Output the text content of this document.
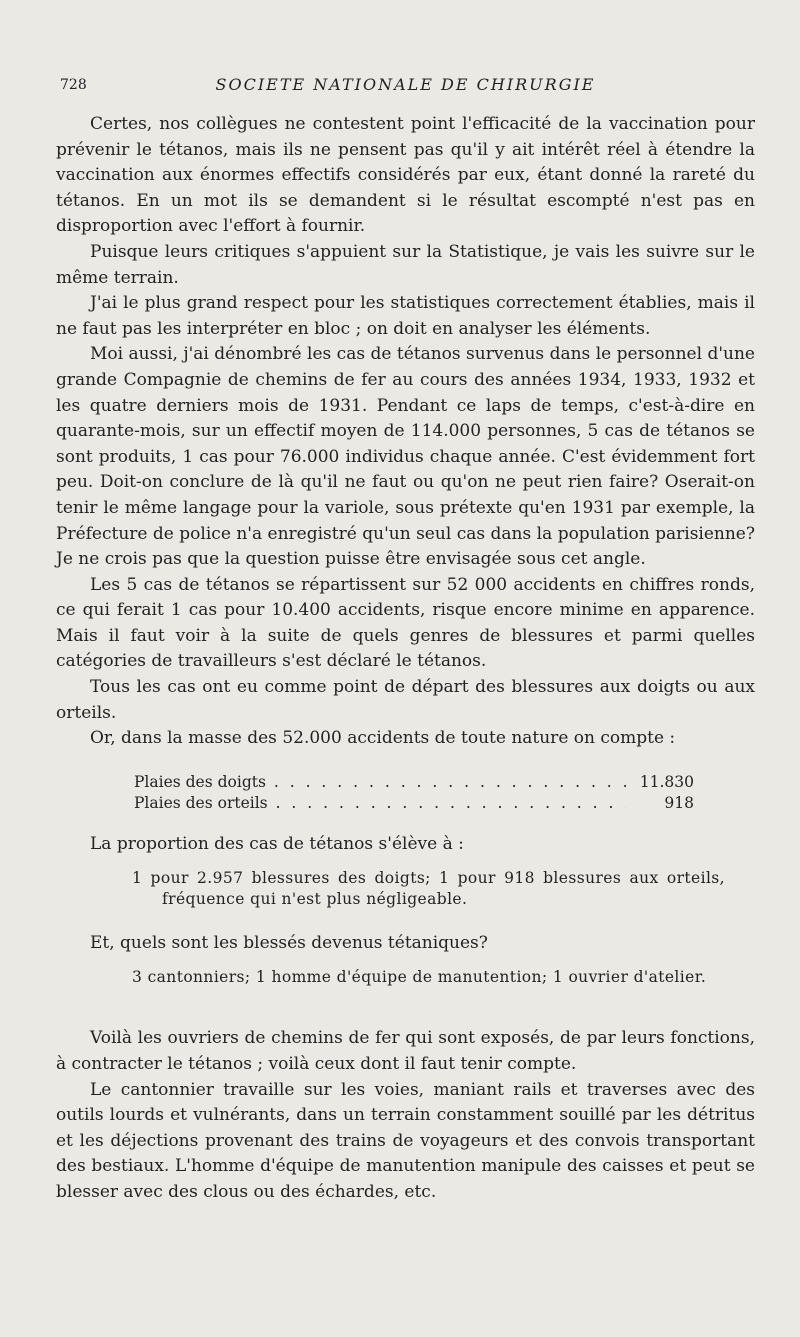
728	SOCIETE NATIONALE DE CHIRURGIE

Certes, nos collègues ne contestent point l'efficacité de la vaccination pour prévenir le tétanos, mais ils ne pensent pas qu'il y ait intérêt réel à étendre la vaccination aux énormes effectifs considérés par eux, étant donné la rareté du tétanos. En un mot ils se demandent si le résultat escompté n'est pas en disproportion avec l'effort à fournir.

Puisque leurs critiques s'appuient sur la Statistique, je vais les suivre sur le même terrain.

J'ai le plus grand respect pour les statistiques correctement établies, mais il ne faut pas les interpréter en bloc ; on doit en analyser les éléments.

Moi aussi, j'ai dénombré les cas de tétanos survenus dans le personnel d'une grande Compagnie de chemins de fer au cours des années 1934, 1933, 1932 et les quatre derniers mois de 1931. Pendant ce laps de temps, c'est-à-dire en quarante-mois, sur un effectif moyen de 114.000 personnes, 5 cas de tétanos se sont produits, 1 cas pour 76.000 individus chaque année. C'est évidemment fort peu. Doit-on conclure de là qu'il ne faut ou qu'on ne peut rien faire? Oserait-on tenir le même langage pour la variole, sous prétexte qu'en 1931 par exemple, la Préfecture de police n'a enregistré qu'un seul cas dans la population parisienne? Je ne crois pas que la question puisse être envisagée sous cet angle.

Les 5 cas de tétanos se répartissent sur 52 000 accidents en chiffres ronds, ce qui ferait 1 cas pour 10.400 accidents, risque encore minime en apparence. Mais il faut voir à la suite de quels genres de blessures et parmi quelles catégories de travailleurs s'est déclaré le tétanos.

Tous les cas ont eu comme point de départ des blessures aux doigts ou aux orteils.

Or, dans la masse des 52.000 accidents de toute nature on compte :

Plaies des doigts . . .	11.830
Plaies des orteils . . .	918
La proportion des cas de tétanos s'élève à :
1 pour 2.957 blessures des doigts; 1 pour 918 blessures aux orteils, fréquence qui n'est plus négligeable.
Et, quels sont les blessés devenus tétaniques?
3 cantonniers; 1 homme d'équipe de manutention; 1 ouvrier d'atelier.

Voilà les ouvriers de chemins de fer qui sont exposés, de par leurs fonctions, à contracter le tétanos ; voilà ceux dont il faut tenir compte.

Le cantonnier travaille sur les voies, maniant rails et traverses avec des outils lourds et vulnérants, dans un terrain constamment souillé par les détritus et les déjections provenant des trains de voyageurs et des convois transportant des bestiaux. L'homme d'équipe de manutention manipule des caisses et peut se blesser avec des clous ou des échardes, etc.
